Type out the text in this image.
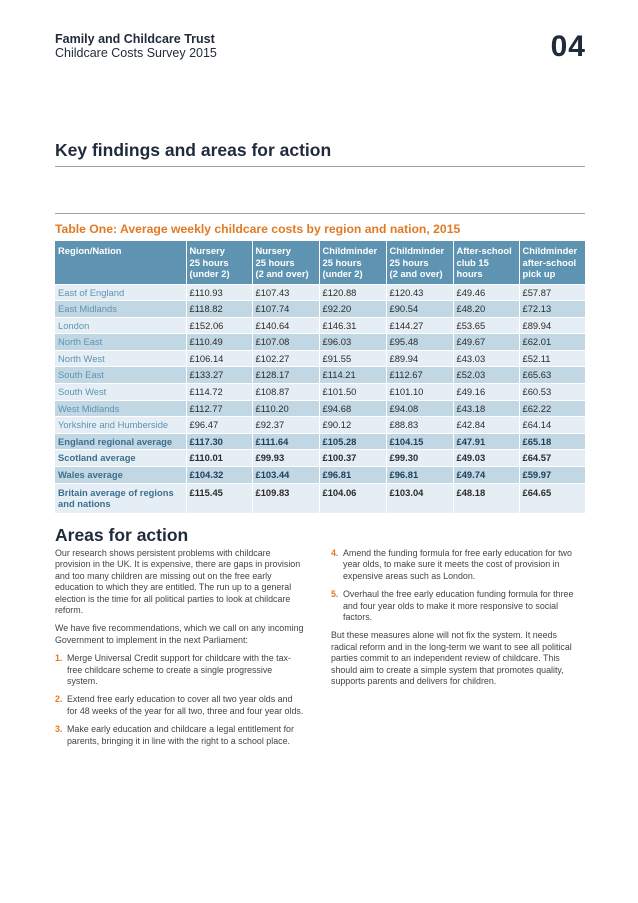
Family and Childcare Trust
Childcare Costs Survey 2015	04
Key findings and areas for action
Table One: Average weekly childcare costs by region and nation, 2015
Region/Nation	Nursery
25 hours
(under 2)	Nursery
25 hours
(2 and over)	Childminder
25 hours
(under 2)	Childminder
25 hours
(2 and over)	After-school
club 15
hours	Childminder
after-school
pick up
East of England	£110.93	£107.43	£120.88	£120.43	£49.46	£57.87
East Midlands	£118.82	£107.74	£92.20	£90.54	£48.20	£72.13
London	£152.06	£140.64	£146.31	£144.27	£53.65	£89.94
North East	£110.49	£107.08	£96.03	£95.48	£49.67	£62.01
North West	£106.14	£102.27	£91.55	£89.94	£43.03	£52.11
South East	£133.27	£128.17	£114.21	£112.67	£52.03	£65.63
South West	£114.72	£108.87	£101.50	£101.10	£49.16	£60.53
West Midlands	£112.77	£110.20	£94.68	£94.08	£43.18	£62.22
Yorkshire and Humberside	£96.47	£92.37	£90.12	£88.83	£42.84	£64.14
England regional average	£117.30	£111.64	£105.28	£104.15	£47.91	£65.18
Scotland average	£110.01	£99.93	£100.37	£99.30	£49.03	£64.57
Wales average	£104.32	£103.44	£96.81	£96.81	£49.74	£59.97
Britain average of regions and nations	£115.45	£109.83	£104.06	£103.04	£48.18	£64.65
Areas for action

Our research shows persistent problems with childcare provision in the UK. It is expensive, there are gaps in provision and too many children are missing out on the free early education to which they are entitled. The run up to a general election is the time for all political parties to look at childcare reform.

We have five recommendations, which we call on any incoming Government to implement in the next Parliament:

1. Merge Universal Credit support for childcare with the tax-free childcare scheme to create a single progressive system.
2. Extend free early education to cover all two year olds and for 48 weeks of the year for all two, three and four year olds.
3. Make early education and childcare a legal entitlement for parents, bringing it in line with the right to a school place.
4. Amend the funding formula for free early education for two year olds, to make sure it meets the cost of provision in expensive areas such as London.
5. Overhaul the free early education funding formula for three and four year olds to make it more responsive to social factors.

But these measures alone will not fix the system. It needs radical reform and in the long-term we want to see all political parties commit to an independent review of childcare. This should aim to create a simple system that promotes quality, supports parents and delivers for children.
